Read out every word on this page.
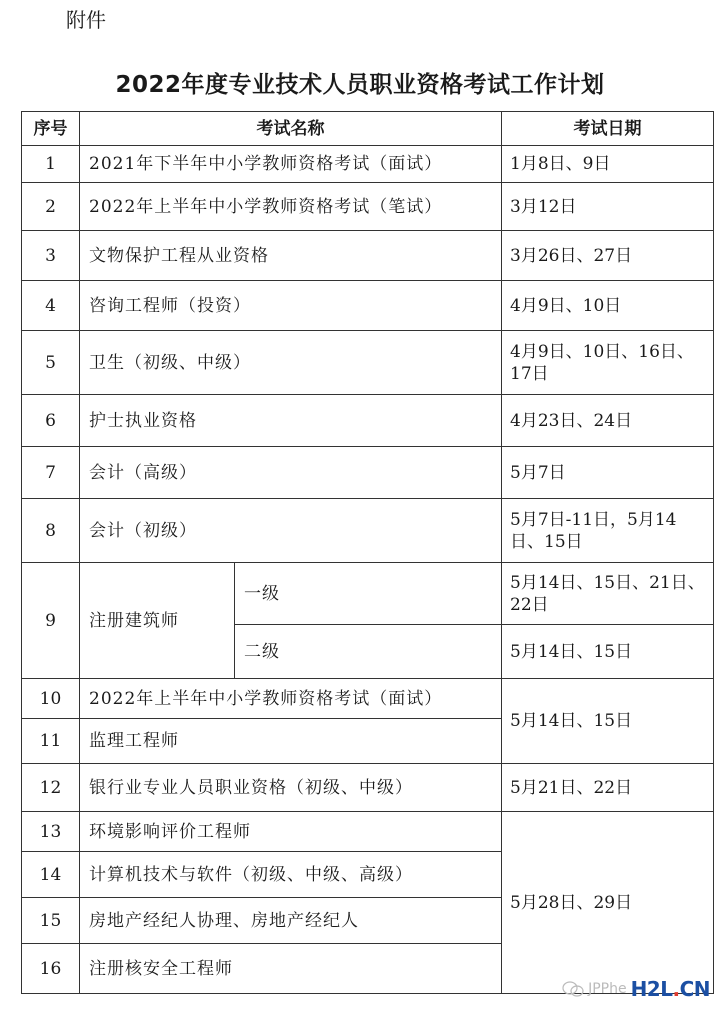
附件
2022年度专业技术人员职业资格考试工作计划
序号	考试名称		考试日期
1	2021年下半年中小学教师资格考试（面试）		1月8日、9日
2	2022年上半年中小学教师资格考试（笔试）		3月12日
3	文物保护工程从业资格		3月26日、27日
4	咨询工程师（投资）		4月9日、10日
5	卫生（初级、中级）		4月9日、10日、16日、17日
6	护士执业资格		4月23日、24日
7	会计（高级）		5月7日
8	会计（初级）		5月7日-11日，5月14日、15日
9	注册建筑师	一级	5月14日、15日、21日、22日
		二级	5月14日、15日
10	2022年上半年中小学教师资格考试（面试）		5月14日、15日
11	监理工程师		
12	银行业专业人员职业资格（初级、中级）		5月21日、22日
13	环境影响评价工程师		5月28日、29日
14	计算机技术与软件（初级、中级、高级）		
15	房地产经纪人协理、房地产经纪人		
16	注册核安全工程师		
JPPhe H2L.CN
